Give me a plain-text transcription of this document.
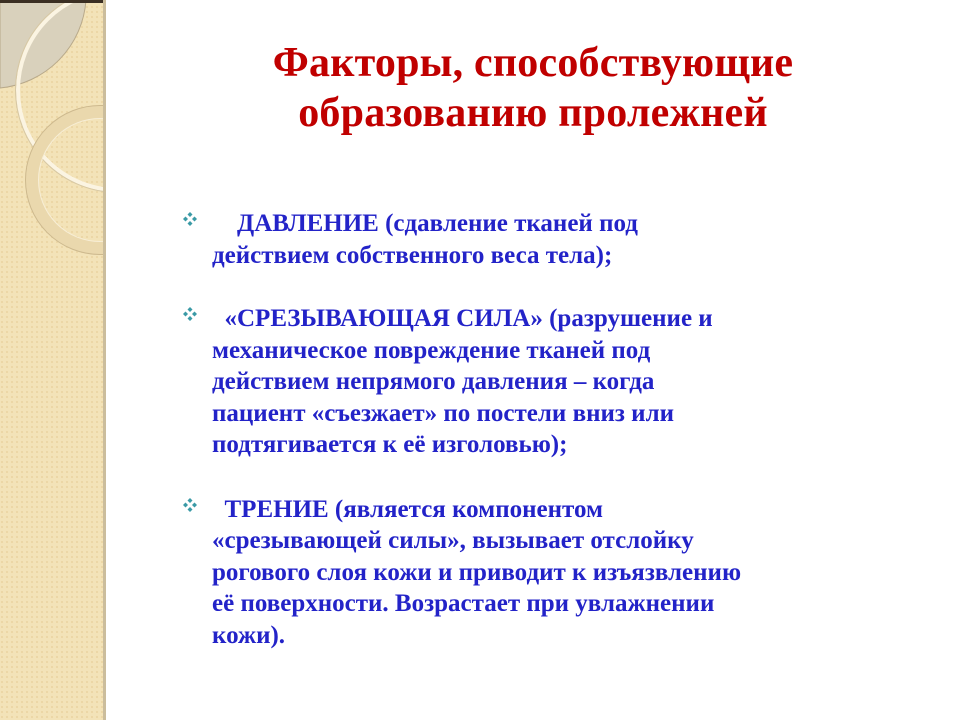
Факторы, способствующие
образованию пролежней
ДАВЛЕНИЕ (сдавление тканей под
действием собственного веса тела);
«СРЕЗЫВАЮЩАЯ СИЛА» (разрушение и
механическое повреждение тканей под
действием непрямого давления – когда
пациент «съезжает» по постели вниз или
подтягивается к её изголовью);
ТРЕНИЕ (является компонентом
«срезывающей силы», вызывает отслойку
рогового слоя кожи и приводит к изъязвлению
её поверхности. Возрастает при увлажнении
кожи).
